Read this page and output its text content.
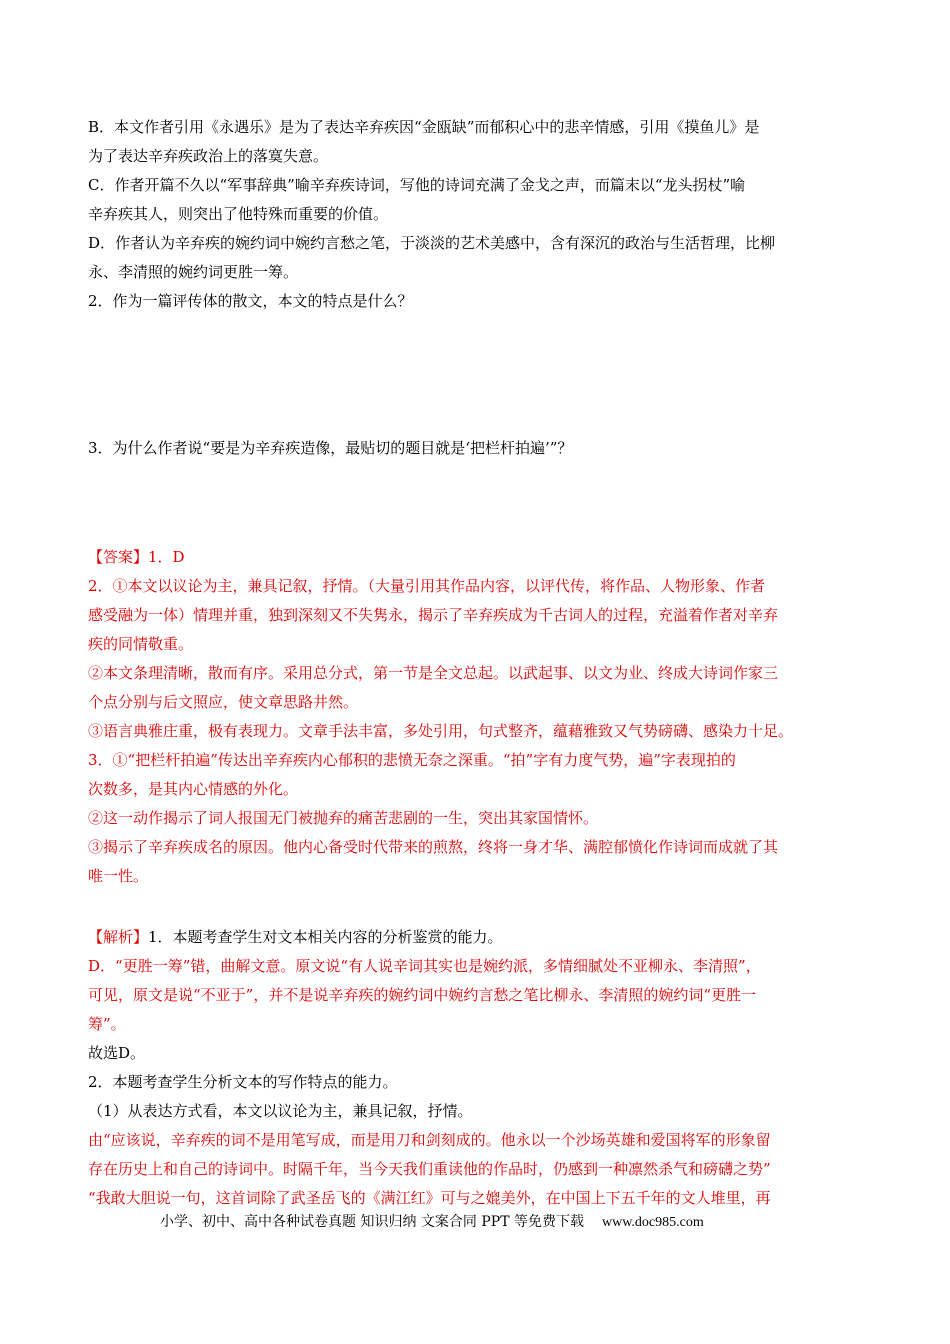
B．本文作者引用《永遇乐》是为了表达辛弃疾因“金瓯缺”而郁积心中的悲辛情感，引用《摸鱼儿》是
为了表达辛弃疾政治上的落寞失意。
C．作者开篇不久以“军事辞典”喻辛弃疾诗词，写他的诗词充满了金戈之声，而篇末以“龙头拐杖”喻
辛弃疾其人，则突出了他特殊而重要的价值。
D．作者认为辛弃疾的婉约词中婉约言愁之笔，于淡淡的艺术美感中，含有深沉的政治与生活哲理，比柳
永、李清照的婉约词更胜一筹。
2．作为一篇评传体的散文，本文的特点是什么？
3．为什么作者说“要是为辛弃疾造像，最贴切的题目就是‘把栏杆拍遍’”？
【答案】1．D
2．①本文以议论为主，兼具记叙，抒情。（大量引用其作品内容，以评代传，将作品、人物形象、作者
感受融为一体）情理并重，独到深刻又不失隽永，揭示了辛弃疾成为千古词人的过程，充溢着作者对辛弃
疾的同情敬重。
②本文条理清晰，散而有序。采用总分式，第一节是全文总起。以武起事、以文为业、终成大诗词作家三
个点分别与后文照应，使文章思路井然。
③语言典雅庄重，极有表现力。文章手法丰富，多处引用，句式整齐，蕴藉雅致又气势磅礴、感染力十足。
3．①“把栏杆拍遍”传达出辛弃疾内心郁积的悲愤无奈之深重。“拍”字有力度气势，遍”字表现拍的
次数多，是其内心情感的外化。
②这一动作揭示了词人报国无门被抛弃的痛苦悲剧的一生，突出其家国情怀。
③揭示了辛弃疾成名的原因。他内心备受时代带来的煎熬，终将一身才华、满腔郁愤化作诗词而成就了其
唯一性。
【解析】1．本题考查学生对文本相关内容的分析鉴赏的能力。
D．“更胜一筹”错，曲解文意。原文说“有人说辛词其实也是婉约派，多情细腻处不亚柳永、李清照”，
可见，原文是说“不亚于”，并不是说辛弃疾的婉约词中婉约言愁之笔比柳永、李清照的婉约词“更胜一
筹”。
故选D。
2．本题考查学生分析文本的写作特点的能力。
（1）从表达方式看，本文以议论为主，兼具记叙，抒情。
由“应该说，辛弃疾的词不是用笔写成，而是用刀和剑刻成的。他永以一个沙场英雄和爱国将军的形象留
存在历史上和自己的诗词中。时隔千年，当今天我们重读他的作品时，仍感到一种凛然杀气和磅礴之势”
“我敢大胆说一句，这首词除了武圣岳飞的《满江红》可与之媲美外，在中国上下五千年的文人堆里，再
小学、初中、高中各种试卷真题 知识归纳 文案合同 PPT 等免费下载 www.doc985.com
